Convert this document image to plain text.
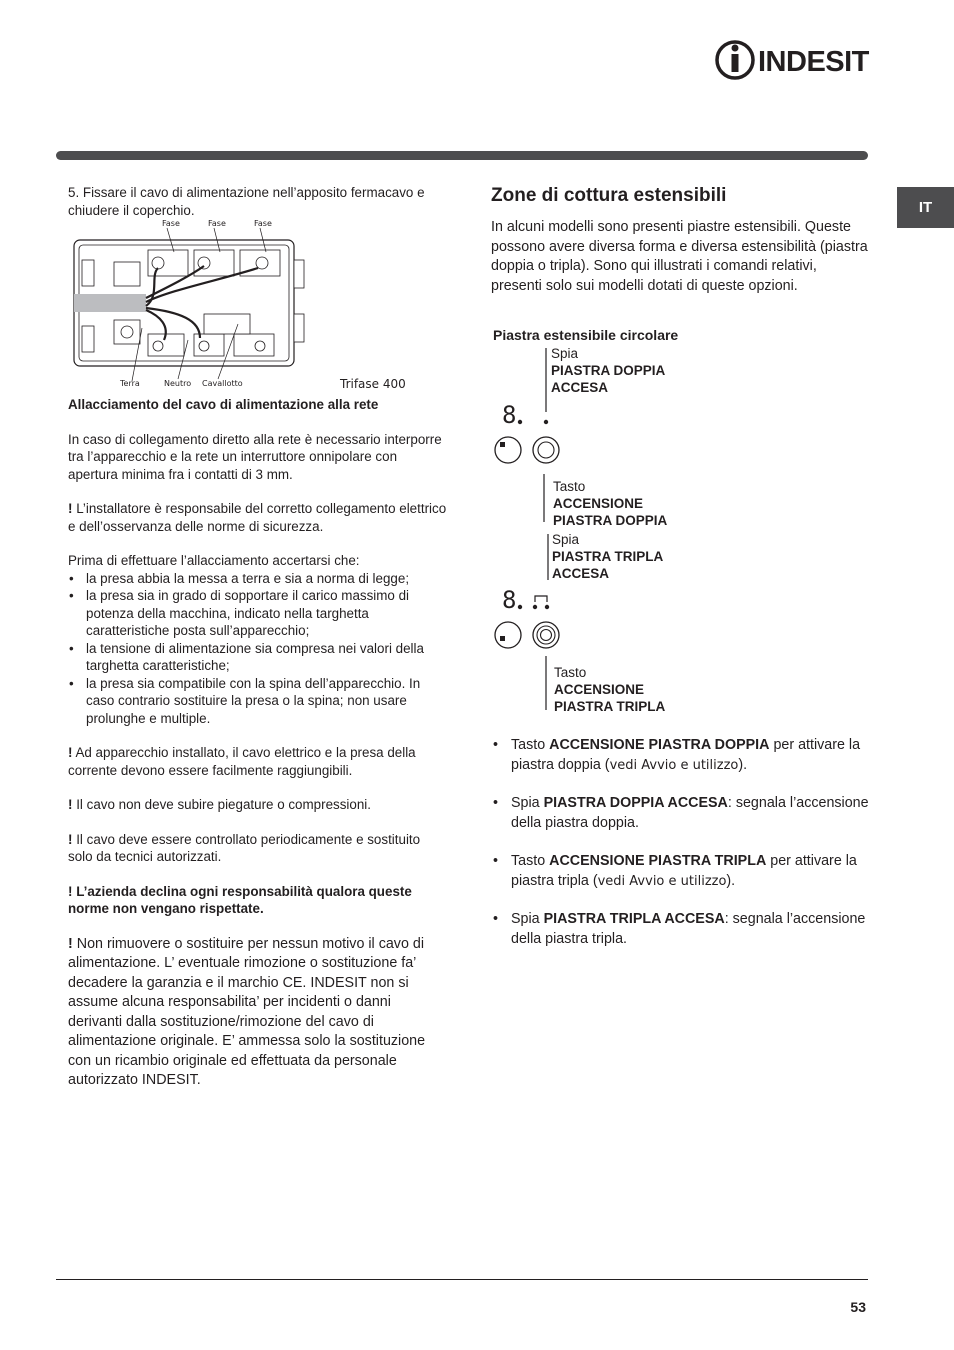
INDESIT
IT

5. Fissare il cavo di alimentazione nell’apposito fermacavo e chiudere il coperchio.

Fase	Fase	Fase
Terra	Neutro Cavallotto	Trifase 400

Allacciamento del cavo di alimentazione alla rete

In caso di collegamento diretto alla rete è necessario interporre tra l’apparecchio e la rete un interruttore onnipolare con apertura minima fra i contatti di 3 mm.

! L’installatore è responsabile del corretto collegamento elettrico e dell’osservanza delle norme di sicurezza.

Prima di effettuare l’allacciamento accertarsi che:

• la presa abbia la messa a terra e sia a norma di legge;
• la presa sia in grado di sopportare il carico massimo di potenza della macchina, indicato nella targhetta caratteristiche posta sull’apparecchio;
• la tensione di alimentazione sia compresa nei valori della targhetta caratteristiche;
• la presa sia compatibile con la spina dell’apparecchio. In caso contrario sostituire la presa o la spina; non usare prolunghe e multiple.

! Ad apparecchio installato, il cavo elettrico e la presa della corrente devono essere facilmente raggiungibili.

! Il cavo non deve subire piegature o compressioni.

! Il cavo deve essere controllato periodicamente e sostituito solo da tecnici autorizzati.

! L’azienda declina ogni responsabilità qualora queste norme non vengano rispettate.

! Non rimuovere o sostituire per nessun motivo il cavo di alimentazione. L’ eventuale rimozione o sostituzione fa’ decadere la garanzia e il marchio CE. INDESIT non si assume alcuna responsabilita’ per incidenti o danni derivanti dalla sostituzione/rimozione del cavo di alimentazione originale. E’ ammessa solo la sostituzione con un ricambio originale ed effettuata da personale autorizzato INDESIT.

Zone di cottura estensibili

In alcuni modelli sono presenti piastre estensibili. Queste possono avere diversa forma e diversa estensibilità (piastra doppia o tripla). Sono qui illustrati i comandi relativi, presenti solo sui modelli dotati di queste opzioni.

Piastra estensibile circolare
8
8
Spia
PIASTRA DOPPIA
ACCESA
Tasto
ACCENSIONE
PIASTRA DOPPIA
Spia
PIASTRA TRIPLA
ACCESA
Tasto
ACCENSIONE
PIASTRA TRIPLA
• Tasto ACCENSIONE PIASTRA DOPPIA per attivare la piastra doppia (vedi Avvio e utilizzo).
• Spia PIASTRA DOPPIA ACCESA: segnala l’accensione della piastra doppia.
• Tasto ACCENSIONE PIASTRA TRIPLA per attivare la piastra tripla (vedi Avvio e utilizzo).
• Spia PIASTRA TRIPLA ACCESA: segnala l’accensione della piastra tripla.
53
